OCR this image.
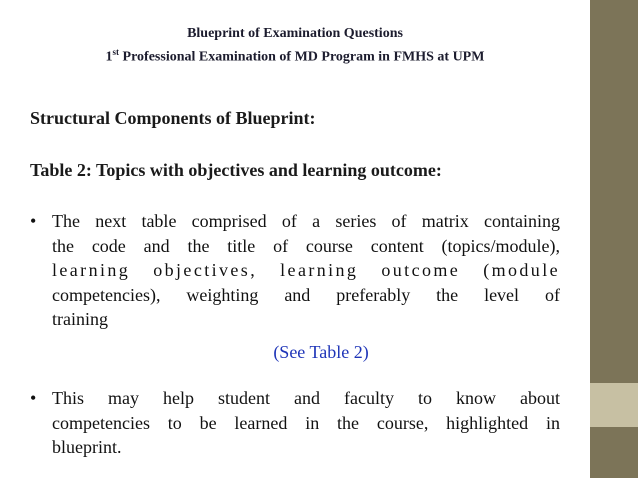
Blueprint of Examination Questions
1st Professional Examination of MD Program in FMHS at UPM
Structural Components of Blueprint:
Table 2: Topics with objectives and learning outcome:
• The next table comprised of a series of matrix containing
the code and the title of course content (topics/module),
learning objectives, learning outcome (module
competencies), weighting and preferably the level of
training
(See Table 2)
• This may help student and faculty to know about
competencies to be learned in the course, highlighted in
blueprint.
